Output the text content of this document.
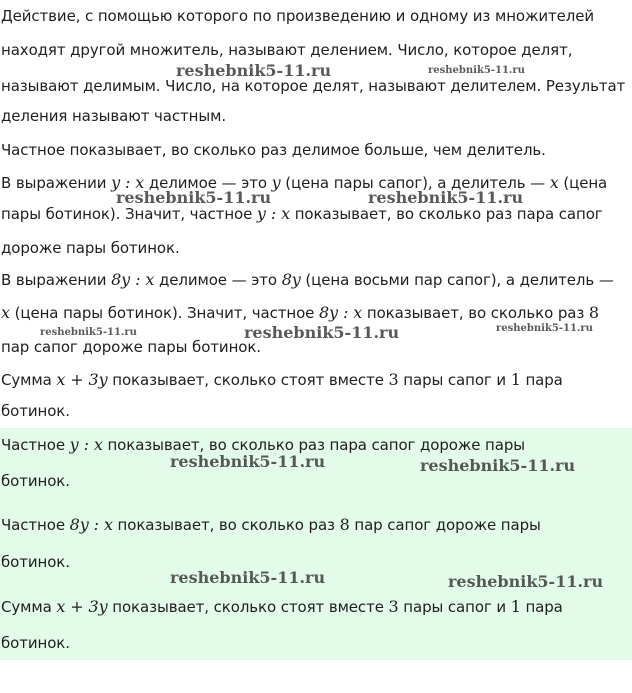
Действие, с помощью которого по произведению и одному из множителей

находят другой множитель, называют делением. Число, которое делят,

называют делимым. Число, на которое делят, называют делителем. Результат

деления называют частным.

Частное показывает, во сколько раз делимое больше, чем делитель.

В выражении y : x делимое — это y (цена пары сапог), а делитель — x (цена

пары ботинок). Значит, частное y : x показывает, во сколько раз пара сапог

дороже пары ботинок.

В выражении 8y : x делимое — это 8y (цена восьми пар сапог), а делитель —

x (цена пары ботинок). Значит, частное 8y : x показывает, во сколько раз 8

пар сапог дороже пары ботинок.

Сумма x + 3y показывает, сколько стоят вместе 3 пары сапог и 1 пара

ботинок.

Частное y : x показывает, во сколько раз пара сапог дороже пары

ботинок.

Частное 8y : x показывает, во сколько раз 8 пар сапог дороже пары

ботинок.

Сумма x + 3y показывает, сколько стоят вместе 3 пары сапог и 1 пара

ботинок.

reshebnik5-11.ru	reshebnik5-11.ru
reshebnik5-11.ru	reshebnik5-11.ru
reshebnik5-11.ru	reshebnik5-11.ru	reshebnik5-11.ru
reshebnik5-11.ru	reshebnik5-11.ru
reshebnik5-11.ru	reshebnik5-11.ru
